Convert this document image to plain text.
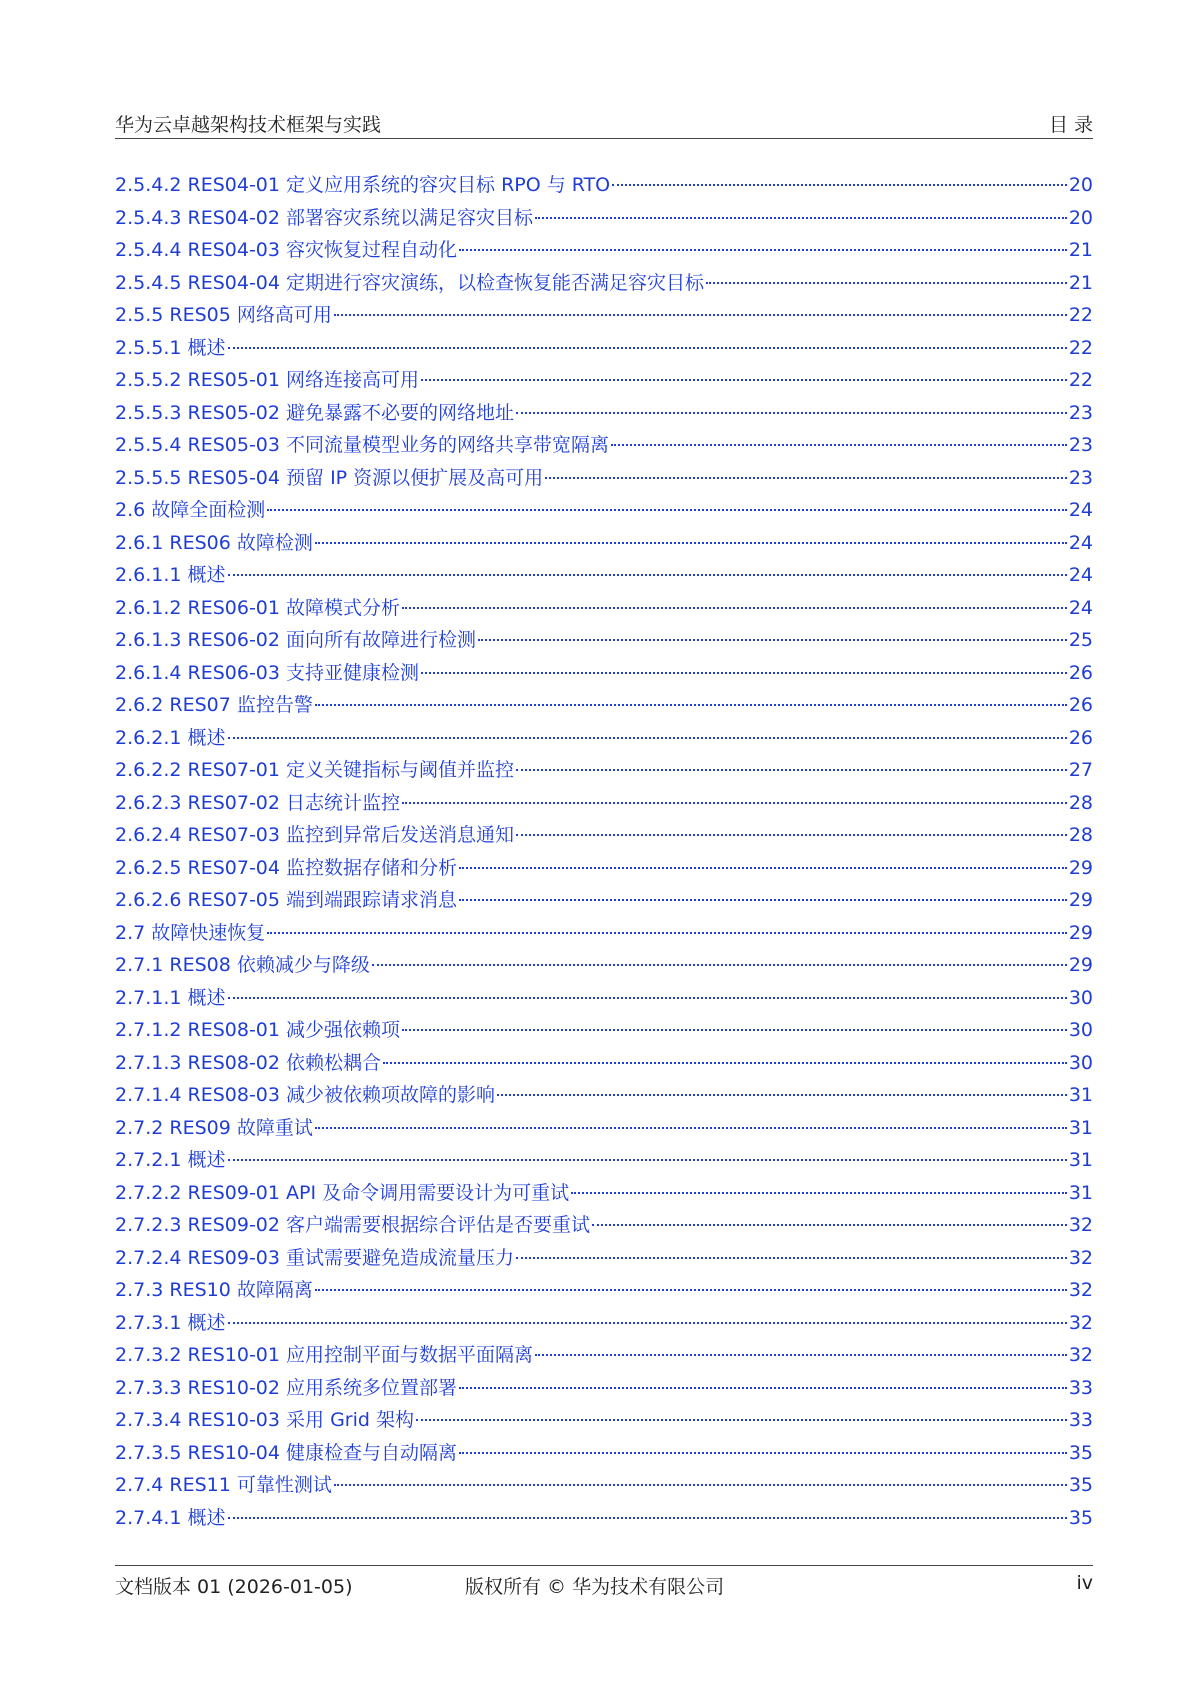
华为云卓越架构技术框架与实践	目 录
2.5.4.2 RES04-01 定义应用系统的容灾目标 RPO 与 RTO	20
2.5.4.3 RES04-02 部署容灾系统以满足容灾目标	20
2.5.4.4 RES04-03 容灾恢复过程自动化	21
2.5.4.5 RES04-04 定期进行容灾演练，以检查恢复能否满足容灾目标	21
2.5.5 RES05 网络高可用	22
2.5.5.1 概述	22
2.5.5.2 RES05-01 网络连接高可用	22
2.5.5.3 RES05-02 避免暴露不必要的网络地址	23
2.5.5.4 RES05-03 不同流量模型业务的网络共享带宽隔离	23
2.5.5.5 RES05-04 预留 IP 资源以便扩展及高可用	23
2.6 故障全面检测	24
2.6.1 RES06 故障检测	24
2.6.1.1 概述	24
2.6.1.2 RES06-01 故障模式分析	24
2.6.1.3 RES06-02 面向所有故障进行检测	25
2.6.1.4 RES06-03 支持亚健康检测	26
2.6.2 RES07 监控告警	26
2.6.2.1 概述	26
2.6.2.2 RES07-01 定义关键指标与阈值并监控	27
2.6.2.3 RES07-02 日志统计监控	28
2.6.2.4 RES07-03 监控到异常后发送消息通知	28
2.6.2.5 RES07-04 监控数据存储和分析	29
2.6.2.6 RES07-05 端到端跟踪请求消息	29
2.7 故障快速恢复	29
2.7.1 RES08 依赖减少与降级	29
2.7.1.1 概述	30
2.7.1.2 RES08-01 减少强依赖项	30
2.7.1.3 RES08-02 依赖松耦合	30
2.7.1.4 RES08-03 减少被依赖项故障的影响	31
2.7.2 RES09 故障重试	31
2.7.2.1 概述	31
2.7.2.2 RES09-01 API 及命令调用需要设计为可重试	31
2.7.2.3 RES09-02 客户端需要根据综合评估是否要重试	32
2.7.2.4 RES09-03 重试需要避免造成流量压力	32
2.7.3 RES10 故障隔离	32
2.7.3.1 概述	32
2.7.3.2 RES10-01 应用控制平面与数据平面隔离	32
2.7.3.3 RES10-02 应用系统多位置部署	33
2.7.3.4 RES10-03 采用 Grid 架构	33
2.7.3.5 RES10-04 健康检查与自动隔离	35
2.7.4 RES11 可靠性测试	35
2.7.4.1 概述	35
文档版本 01 (2026-01-05)	版权所有 © 华为技术有限公司	iv
